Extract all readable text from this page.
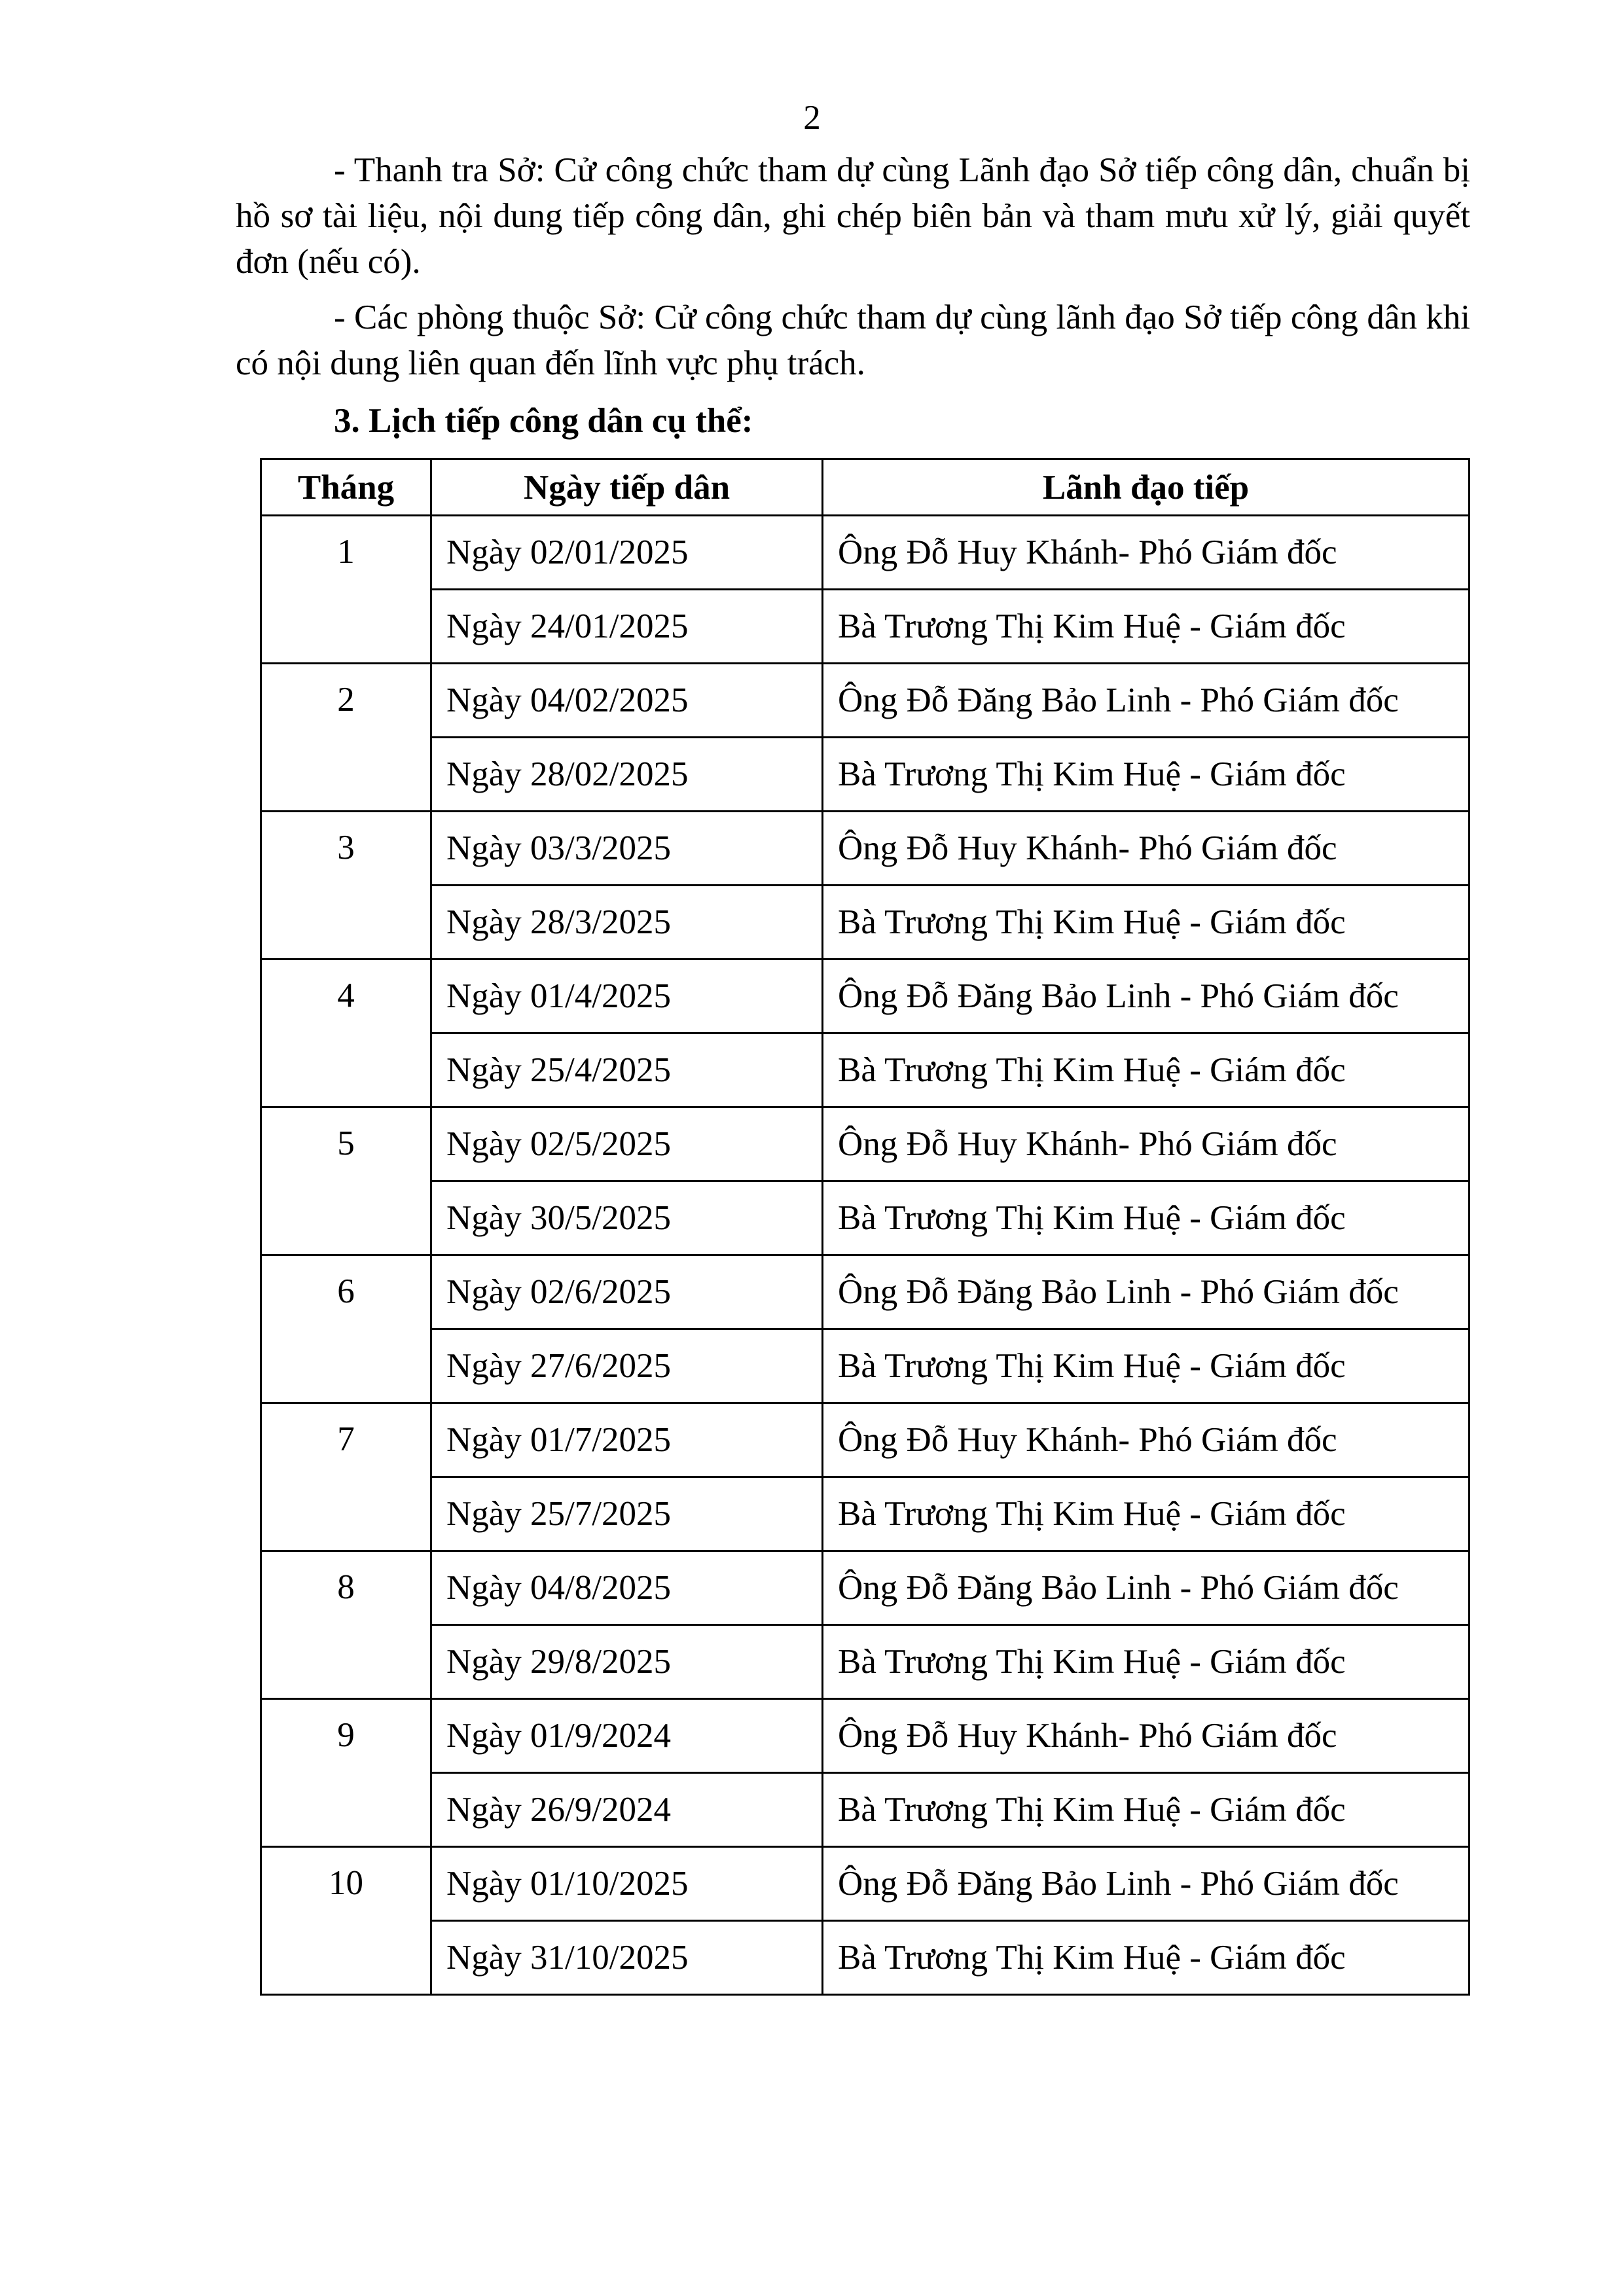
2

- Thanh tra Sở: Cử công chức tham dự cùng Lãnh đạo Sở tiếp công dân, chuẩn bị hồ sơ tài liệu, nội dung tiếp công dân, ghi chép biên bản và tham mưu xử lý, giải quyết đơn (nếu có).

- Các phòng thuộc Sở: Cử công chức tham dự cùng lãnh đạo Sở tiếp công dân khi có nội dung liên quan đến lĩnh vực phụ trách.

3. Lịch tiếp công dân cụ thể:
Tháng	Ngày tiếp dân	Lãnh đạo tiếp
1	Ngày 02/01/2025	Ông Đỗ Huy Khánh- Phó Giám đốc
	Ngày 24/01/2025	Bà Trương Thị Kim Huệ - Giám đốc
2	Ngày 04/02/2025	Ông Đỗ Đăng Bảo Linh - Phó Giám đốc
	Ngày 28/02/2025	Bà Trương Thị Kim Huệ - Giám đốc
3	Ngày 03/3/2025	Ông Đỗ Huy Khánh- Phó Giám đốc
	Ngày 28/3/2025	Bà Trương Thị Kim Huệ - Giám đốc
4	Ngày 01/4/2025	Ông Đỗ Đăng Bảo Linh - Phó Giám đốc
	Ngày 25/4/2025	Bà Trương Thị Kim Huệ - Giám đốc
5	Ngày 02/5/2025	Ông Đỗ Huy Khánh- Phó Giám đốc
	Ngày 30/5/2025	Bà Trương Thị Kim Huệ - Giám đốc
6	Ngày 02/6/2025	Ông Đỗ Đăng Bảo Linh - Phó Giám đốc
	Ngày 27/6/2025	Bà Trương Thị Kim Huệ - Giám đốc
7	Ngày 01/7/2025	Ông Đỗ Huy Khánh- Phó Giám đốc
	Ngày 25/7/2025	Bà Trương Thị Kim Huệ - Giám đốc
8	Ngày 04/8/2025	Ông Đỗ Đăng Bảo Linh - Phó Giám đốc
	Ngày 29/8/2025	Bà Trương Thị Kim Huệ - Giám đốc
9	Ngày 01/9/2024	Ông Đỗ Huy Khánh- Phó Giám đốc
	Ngày 26/9/2024	Bà Trương Thị Kim Huệ - Giám đốc
10	Ngày 01/10/2025	Ông Đỗ Đăng Bảo Linh - Phó Giám đốc
	Ngày 31/10/2025	Bà Trương Thị Kim Huệ - Giám đốc
